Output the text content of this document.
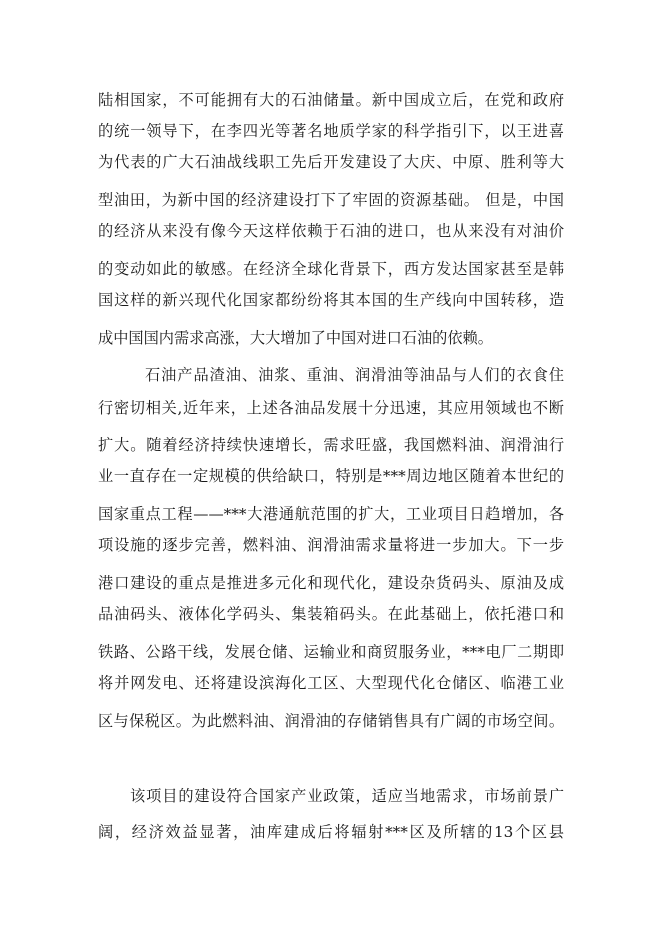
陆相国家，不可能拥有大的石油储量。新中国成立后，在党和政府
的统一领导下，在李四光等著名地质学家的科学指引下，以王进喜
为代表的广大石油战线职工先后开发建设了大庆、中原、胜利等大
型油田，为新中国的经济建设打下了牢固的资源基础。 但是，中国
的经济从来没有像今天这样依赖于石油的进口，也从来没有对油价
的变动如此的敏感。在经济全球化背景下，西方发达国家甚至是韩
国这样的新兴现代化国家都纷纷将其本国的生产线向中国转移，造
成中国国内需求高涨，大大增加了中国对进口石油的依赖。
石油产品渣油、油浆、重油、润滑油等油品与人们的衣食住
行密切相关,近年来，上述各油品发展十分迅速，其应用领域也不断
扩大。随着经济持续快速增长，需求旺盛，我国燃料油、润滑油行
业一直存在一定规模的供给缺口，特别是***周边地区随着本世纪的
国家重点工程——***大港通航范围的扩大，工业项目日趋增加，各
项设施的逐步完善，燃料油、润滑油需求量将进一步加大。下一步
港口建设的重点是推进多元化和现代化，建设杂货码头、原油及成
品油码头、液体化学码头、集装箱码头。在此基础上，依托港口和
铁路、公路干线，发展仓储、运输业和商贸服务业，***电厂二期即
将并网发电、还将建设滨海化工区、大型现代化仓储区、临港工业
区与保税区。为此燃料油、润滑油的存储销售具有广阔的市场空间。
该项目的建设符合国家产业政策，适应当地需求，市场前景广
阔，经济效益显著，油库建成后将辐射***区及所辖的13个区县
